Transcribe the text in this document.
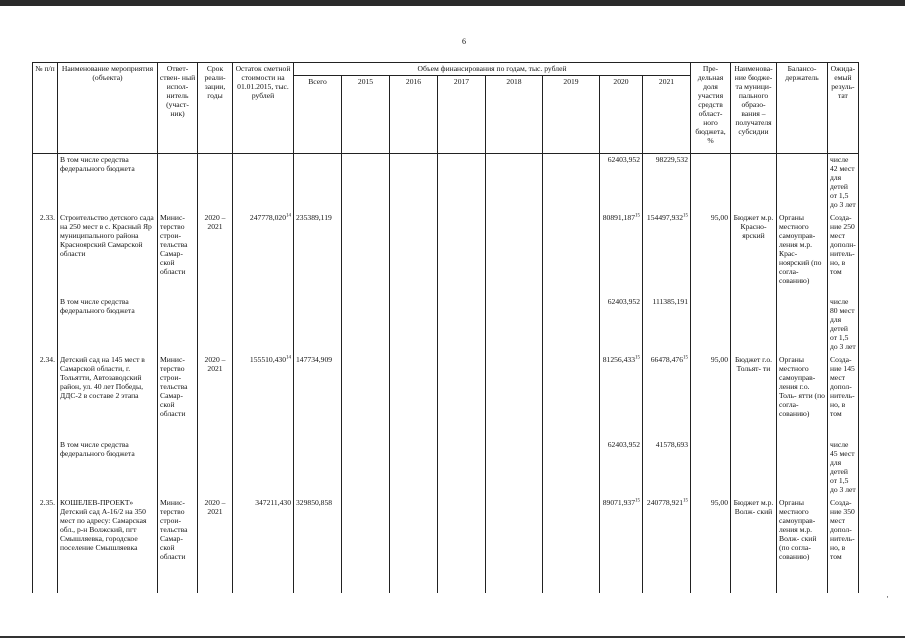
6
№ п/п	Наименование мероприятия (объекта)	Ответ- ствен- ный испол- нитель (участ- ник)	Срок реали- зации, годы	Остаток сметной стоимости на 01.01.2015, тыс. рублей	Объем финансирования по годам, тыс. рублей								Пре- дельная доля участия средств област- ного бюджета, %	Наименова- ние бюдже- та муници- пального образо- вания – получателя субсидии	Балансо- держатель	Ожида- емый резуль- тат
					Всего	2015	2016	2017	2018	2019	2020	2021				
	В том числе средства федерального бюджета										62403,952	98229,532				числе 42 мест для детей от 1,5 до 3 лет
2.33.	Строительство детского сада на 250 мест в с. Красный Яр муниципального района Красноярский Самарской области	Минис- терство строи- тельства Самар- ской области	2020 – 2021	247778,020$^{14}$	235389,119						80891,187$^{15}$	154497,932$^{15}$	95,00	Бюджет м.р. Красно- ярский	Органы местного самоуправ- ления м.р. Крас- ноярский (по согла- сованию)	Созда- ние 250 мест дополн- нитель- но, в том
	В том числе средства федерального бюджета										62403,952	111385,191				числе 80 мест для детей от 1,5 до 3 лет
2.34.	Детский сад на 145 мест в Самарской области, г. Тольятти, Автозаводский район, ул. 40 лет Победы, ДДС-2 в составе 2 этапа	Минис- терство строи- тельства Самар- ской области	2020 – 2021	155510,430$^{14}$	147734,909						81256,433$^{15}$	66478,476$^{15}$	95,00	Бюджет г.о. Тольят- ти	Органы местного самоуправ- ления г.о. Толь- ятти (по согла- сованию)	Созда- ние 145 мест допол- нитель- но, в том
	В том числе средства федерального бюджета										62403,952	41578,693				числе 45 мест для детей от 1,5 до 3 лет
2.35.	КОШЕЛЕВ-ПРОЕКТ» Детский сад А-16/2 на 350 мест по адресу: Самарская обл., р-н Волжский, пгт Смышляевка, городское поселение Смышляевка	Минис- терство строи- тельства Самар- ской области	2020 – 2021	347211,430	329850,858						89071,937$^{15}$	240778,921$^{15}$	95,00	Бюджет м.р. Волж- ский	Органы местного самоуправ- ления м.р. Волж- ский (по согла- сованию)	Созда- ние 350 мест допол- нитель- но, в том
·
